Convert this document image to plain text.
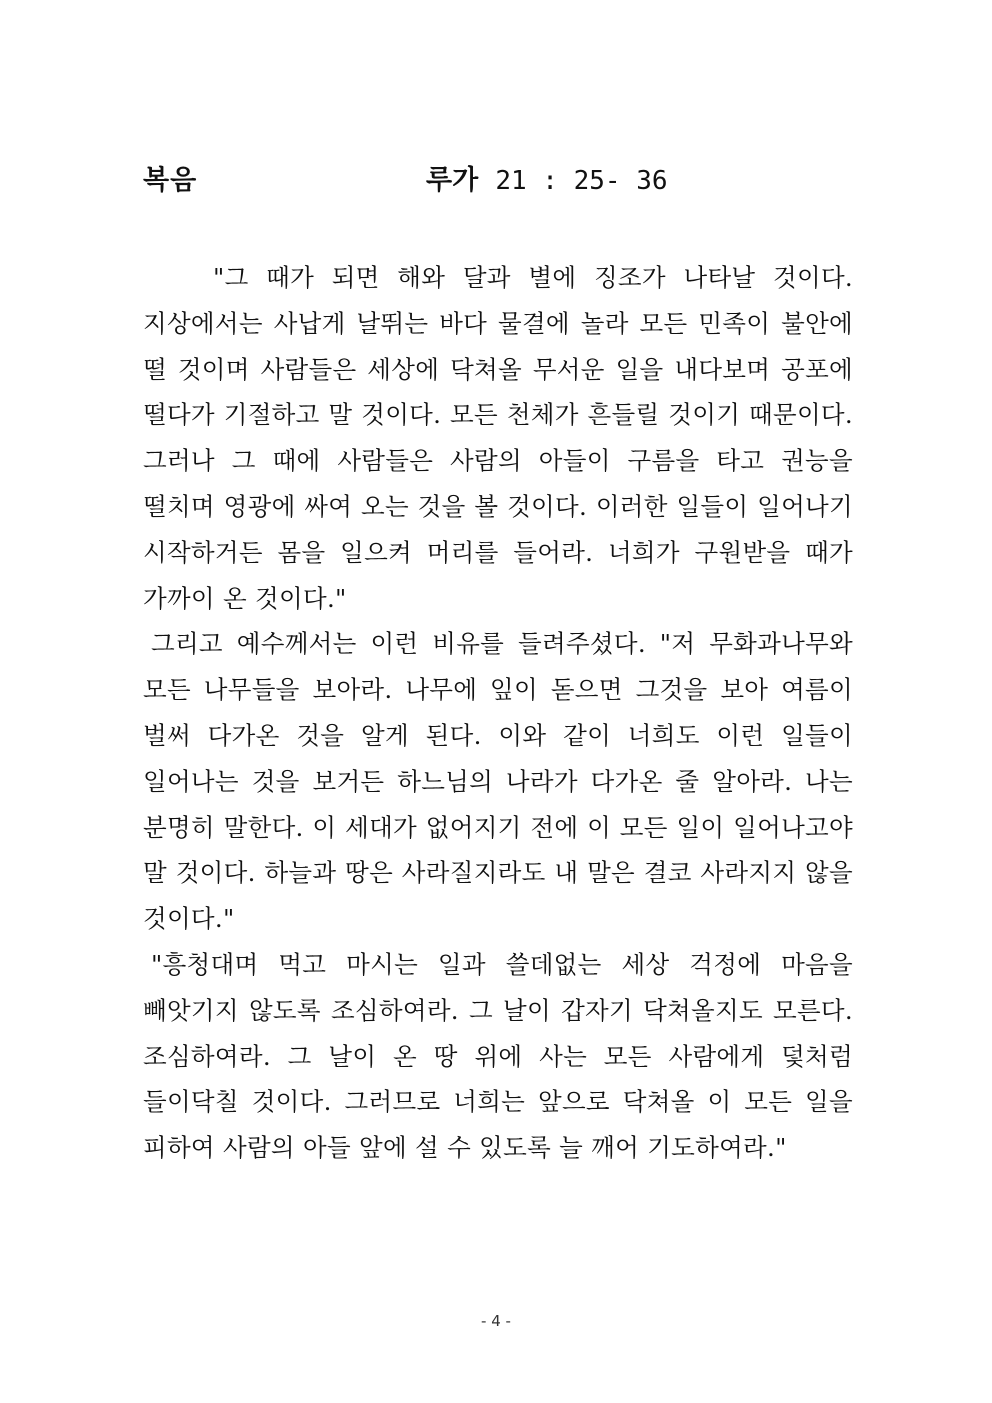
복음	루가 21 : 25- 36

"그 때가 되면 해와 달과 별에 징조가 나타날 것이다. 지상에서는 사납게 날뛰는 바다 물결에 놀라 모든 민족이 불안에 떨 것이며 사람들은 세상에 닥쳐올 무서운 일을 내다보며 공포에 떨다가 기절하고 말 것이다. 모든 천체가 흔들릴 것이기 때문이다. 그러나 그 때에 사람들은 사람의 아들이 구름을 타고 권능을 떨치며 영광에 싸여 오는 것을 볼 것이다. 이러한 일들이 일어나기 시작하거든 몸을 일으켜 머리를 들어라. 너희가 구원받을 때가 가까이 온 것이다."

그리고 예수께서는 이런 비유를 들려주셨다. "저 무화과나무와 모든 나무들을 보아라. 나무에 잎이 돋으면 그것을 보아 여름이 벌써 다가온 것을 알게 된다. 이와 같이 너희도 이런 일들이 일어나는 것을 보거든 하느님의 나라가 다가온 줄 알아라. 나는 분명히 말한다. 이 세대가 없어지기 전에 이 모든 일이 일어나고야 말 것이다. 하늘과 땅은 사라질지라도 내 말은 결코 사라지지 않을 것이다."

"흥청대며 먹고 마시는 일과 쓸데없는 세상 걱정에 마음을 빼앗기지 않도록 조심하여라. 그 날이 갑자기 닥쳐올지도 모른다. 조심하여라. 그 날이 온 땅 위에 사는 모든 사람에게 덫처럼 들이닥칠 것이다. 그러므로 너희는 앞으로 닥쳐올 이 모든 일을 피하여 사람의 아들 앞에 설 수 있도록 늘 깨어 기도하여라."

- 4 -
